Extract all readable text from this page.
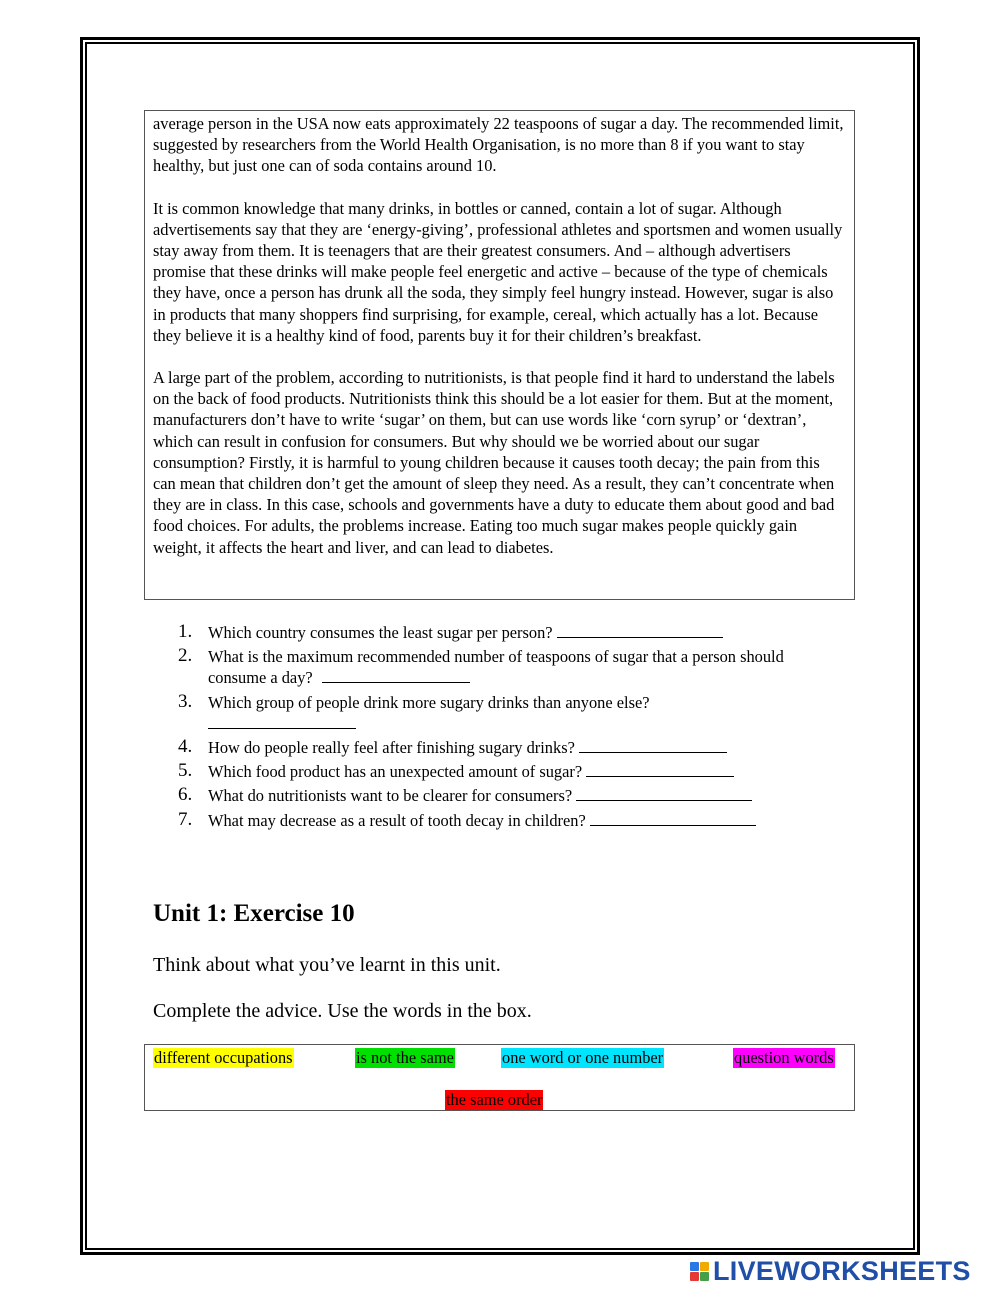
average person in the USA now eats approximately 22 teaspoons of sugar a day. The recommended limit, suggested by researchers from the World Health Organisation, is no more than 8 if you want to stay healthy, but just one can of soda contains around 10.

It is common knowledge that many drinks, in bottles or canned, contain a lot of sugar. Although advertisements say that they are ‘energy-giving’, professional athletes and sportsmen and women usually stay away from them. It is teenagers that are their greatest consumers. And – although advertisers promise that these drinks will make people feel energetic and active – because of the type of chemicals they have, once a person has drunk all the soda, they simply feel hungry instead. However, sugar is also in products that many shoppers find surprising, for example, cereal, which actually has a lot. Because they believe it is a healthy kind of food, parents buy it for their children’s breakfast.

A large part of the problem, according to nutritionists, is that people find it hard to understand the labels on the back of food products. Nutritionists think this should be a lot easier for them. But at the moment, manufacturers don’t have to write ‘sugar’ on them, but can use words like ‘corn syrup’ or ‘dextran’, which can result in confusion for consumers. But why should we be worried about our sugar consumption? Firstly, it is harmful to young children because it causes tooth decay; the pain from this can mean that children don’t get the amount of sleep they need. As a result, they can’t concentrate when they are in class. In this case, schools and governments have a duty to educate them about good and bad food choices. For adults, the problems increase. Eating too much sugar makes people quickly gain weight, it affects the heart and liver, and can lead to diabetes.

1. Which country consumes the least sugar per person?
2. What is the maximum recommended number of teaspoons of sugar that a person should consume a day?
3. Which group of people drink more sugary drinks than anyone else?

4. How do people really feel after finishing sugary drinks?
5. Which food product has an unexpected amount of sugar?
6. What do nutritionists want to be clearer for consumers?
7. What may decrease as a result of tooth decay in children?
Unit 1: Exercise 10

Think about what you’ve learnt in this unit.

Complete the advice. Use the words in the box.

different occupations	is not the same	one word or one number	question words
the same order
LIVEWORKSHEETS
